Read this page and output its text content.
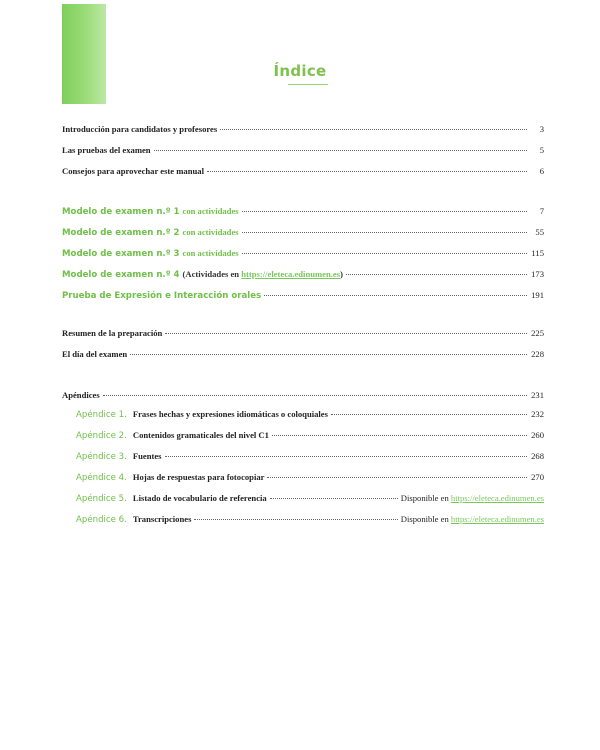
Índice
Introducción para candidatos y profesores	3
Las pruebas del examen	5
Consejos para aprovechar este manual	6
Modelo de examen n.º 1 con actividades	7
Modelo de examen n.º 2 con actividades	55
Modelo de examen n.º 3 con actividades	115
Modelo de examen n.º 4 (Actividades en https://eleteca.edinumen.es)	173
Prueba de Expresión e Interacción orales	191
Resumen de la preparación	225
El día del examen	228
Apéndices	231
Apéndice 1. Frases hechas y expresiones idiomáticas o coloquiales	232
Apéndice 2. Contenidos gramaticales del nivel C1	260
Apéndice 3. Fuentes	268
Apéndice 4. Hojas de respuestas para fotocopiar	270
Apéndice 5. Listado de vocabulario de referencia	Disponible en https://eleteca.edinumen.es
Apéndice 6. Transcripciones	Disponible en https://eleteca.edinumen.es
